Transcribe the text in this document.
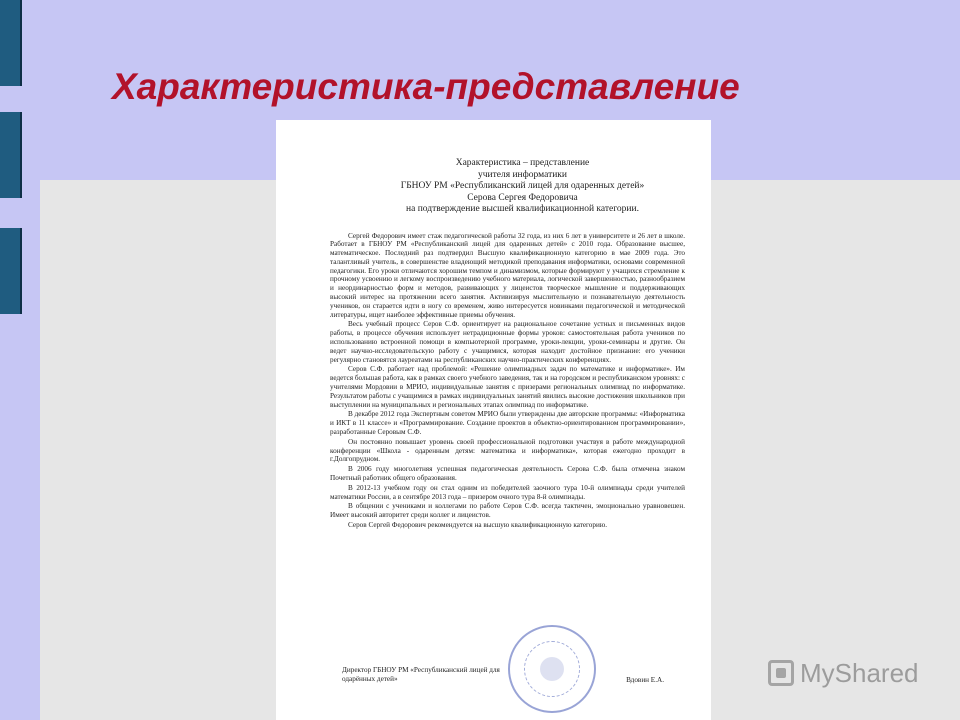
Характеристика-представление
Характеристика – представление
учителя информатики
ГБНОУ РМ «Республиканский лицей для одаренных детей»
Серова Сергея Федоровича
на подтверждение высшей квалификационной категории.

Сергей Федорович имеет стаж педагогической работы 32 года, из них 6 лет в университете и 26 лет в школе. Работает в ГБНОУ РМ «Республиканский лицей для одаренных детей» с 2010 года. Образование высшее, математическое. Последний раз подтвердил Высшую квалификационную категорию в мае 2009 года. Это талантливый учитель, в совершенстве владеющий методикой преподавания информатики, основами современной педагогики. Его уроки отличаются хорошим темпом и динамизмом, которые формируют у учащихся стремление к прочному усвоению и легкому воспроизведению учебного материала, логической завершенностью, разнообразием и неординарностью форм и методов, развивающих у лицеистов творческое мышление и поддерживающих высокий интерес на протяжении всего занятия. Активизируя мыслительную и познавательную деятельность учеников, он старается идти в ногу со временем, живо интересуется новинками педагогической и методической литературы, ищет наиболее эффективные приемы обучения.

Весь учебный процесс Серов С.Ф. ориентирует на рациональное сочетание устных и письменных видов работы, в процессе обучения использует нетрадиционные формы уроков: самостоятельная работа учеников по использованию встроенной помощи в компьютерной программе, уроки-лекции, уроки-семинары и другие. Он ведет научно-исследовательскую работу с учащимися, которая находит достойное признание: его ученики регулярно становятся лауреатами на республиканских научно-практических конференциях.

Серов С.Ф. работает над проблемой: «Решение олимпиадных задач по математике и информатике». Им ведется большая работа, как в рамках своего учебного заведения, так и на городском и республиканском уровнях: с учителями Мордовии в МРИО, индивидуальные занятия с призерами региональных олимпиад по информатике. Результатом работы с учащимися в рамках индивидуальных занятий явились высокие достижения школьников при выступлении на муниципальных и региональных этапах олимпиад по информатике.

В декабре 2012 года Экспертным советом МРИО были утверждены две авторские программы: «Информатика и ИКТ в 11 классе» и «Программирование. Создание проектов в объектно-ориентированном программировании», разработанные Серовым С.Ф.

Он постоянно повышает уровень своей профессиональной подготовки участвуя в работе международной конференции «Школа - одаренным детям: математика и информатика», которая ежегодно проходит в г.Долгопрудном.

В 2006 году многолетняя успешная педагогическая деятельность Серова С.Ф. была отмечена знаком Почетный работник общего образования.

В 2012-13 учебном году он стал одним из победителей заочного тура 10-й олимпиады среди учителей математики России, а в сентябре 2013 года – призером очного тура 8-й олимпиады.

В общении с учениками и коллегами по работе Серов С.Ф. всегда тактичен, эмоционально уравновешен. Имеет высокий авторитет среди коллег и лицеистов.

Серов Сергей Федорович рекомендуется на высшую квалификационную категорию.

Директор ГБНОУ РМ «Республиканский лицей для одарённых детей»	Вдовин Е.А.	MyShared
